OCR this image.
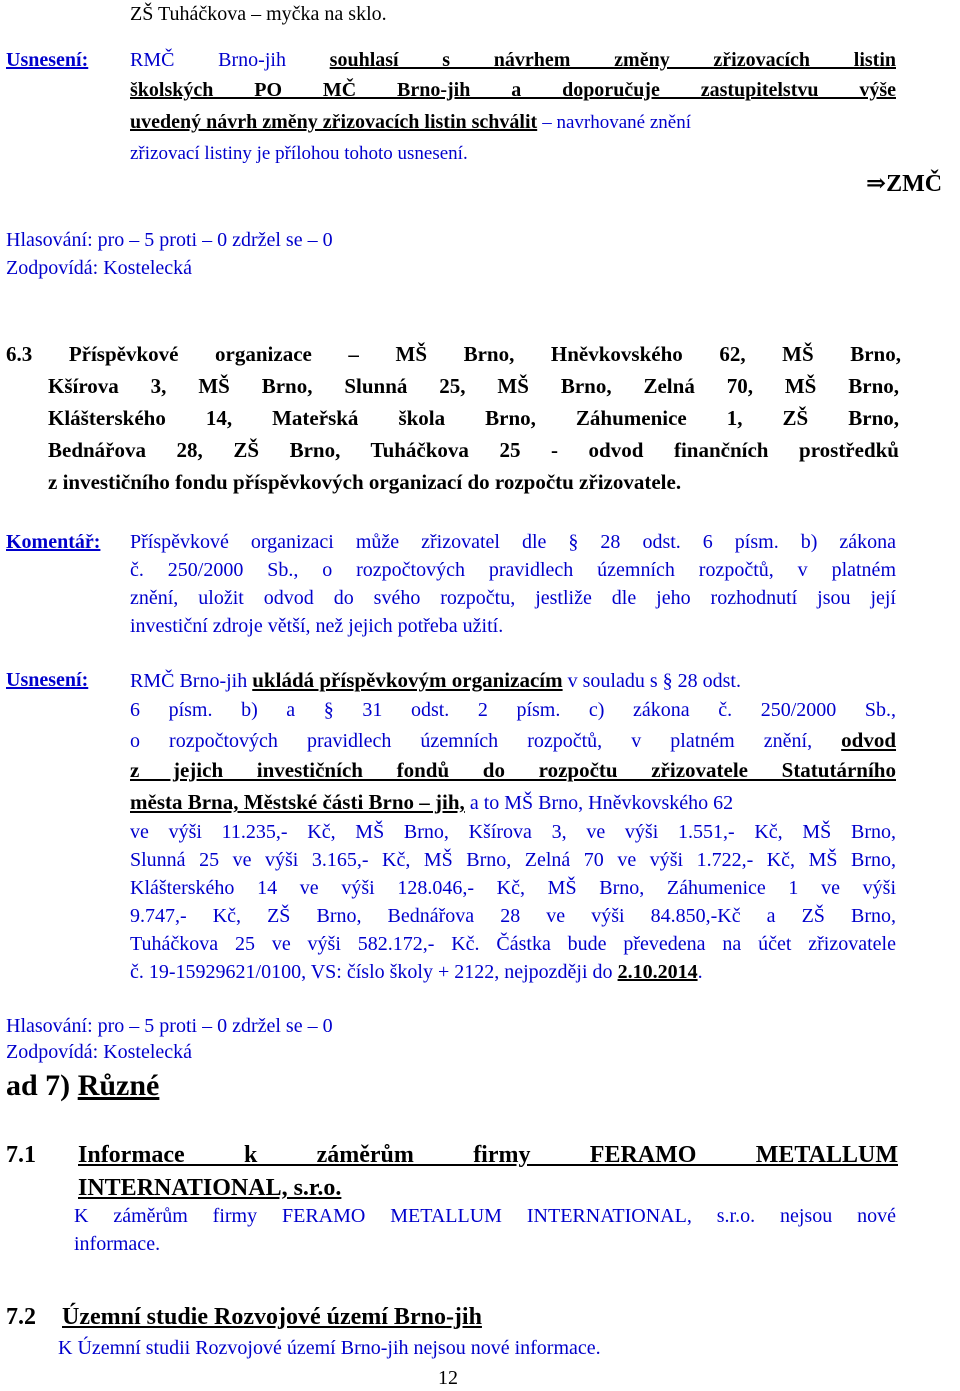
ZŠ Tuháčkova – myčka na sklo.
Usnesení: RMČ Brno-jih souhlasí s návrhem změny zřizovacích listin
školských PO MČ Brno-jih a doporučuje zastupitelstvu výše
uvedený návrh změny zřizovacích listin schválit – navrhované znění
zřizovací listiny je přílohou tohoto usnesení.
⇒ZMČ
Hlasování: pro – 5 proti – 0 zdržel se – 0
Zodpovídá: Kostelecká
6.3 Příspěvkové organizace – MŠ Brno, Hněvkovského 62, MŠ Brno,
Kšírova 3, MŠ Brno, Slunná 25, MŠ Brno, Zelná 70, MŠ Brno,
Klášterského 14, Mateřská škola Brno, Záhumenice 1, ZŠ Brno,
Bednářova 28, ZŠ Brno, Tuháčkova 25 - odvod finančních prostředků
z investičního fondu příspěvkových organizací do rozpočtu zřizovatele.
Komentář: Příspěvkové organizaci může zřizovatel dle § 28 odst. 6 písm. b) zákona
č. 250/2000 Sb., o rozpočtových pravidlech územních rozpočtů, v platném
znění, uložit odvod do svého rozpočtu, jestliže dle jeho rozhodnutí jsou její
investiční zdroje větší, než jejich potřeba užití.
Usnesení: RMČ Brno-jih ukládá příspěvkovým organizacím v souladu s § 28 odst.
6 písm. b) a § 31 odst. 2 písm. c) zákona č. 250/2000 Sb.,
o rozpočtových pravidlech územních rozpočtů, v platném znění, odvod
z jejich investičních fondů do rozpočtu zřizovatele Statutárního
města Brna, Městské části Brno – jih, a to MŠ Brno, Hněvkovského 62
ve výši 11.235,- Kč, MŠ Brno, Kšírova 3, ve výši 1.551,- Kč, MŠ Brno,
Slunná 25 ve výši 3.165,- Kč, MŠ Brno, Zelná 70 ve výši 1.722,- Kč, MŠ Brno,
Klášterského 14 ve výši 128.046,- Kč, MŠ Brno, Záhumenice 1 ve výši
9.747,- Kč, ZŠ Brno, Bednářova 28 ve výši 84.850,-Kč a ZŠ Brno,
Tuháčkova 25 ve výši 582.172,- Kč. Částka bude převedena na účet zřizovatele
č. 19-15929621/0100, VS: číslo školy + 2122, nejpozději do 2.10.2014.
Hlasování: pro – 5 proti – 0 zdržel se – 0
Zodpovídá: Kostelecká
ad 7) Různé
7.1 Informace k záměrům firmy FERAMO METALLUM
INTERNATIONAL, s.r.o.
K záměrům firmy FERAMO METALLUM INTERNATIONAL, s.r.o. nejsou nové
informace.
7.2 Územní studie Rozvojové území Brno-jih
K Územní studii Rozvojové území Brno-jih nejsou nové informace.
12
